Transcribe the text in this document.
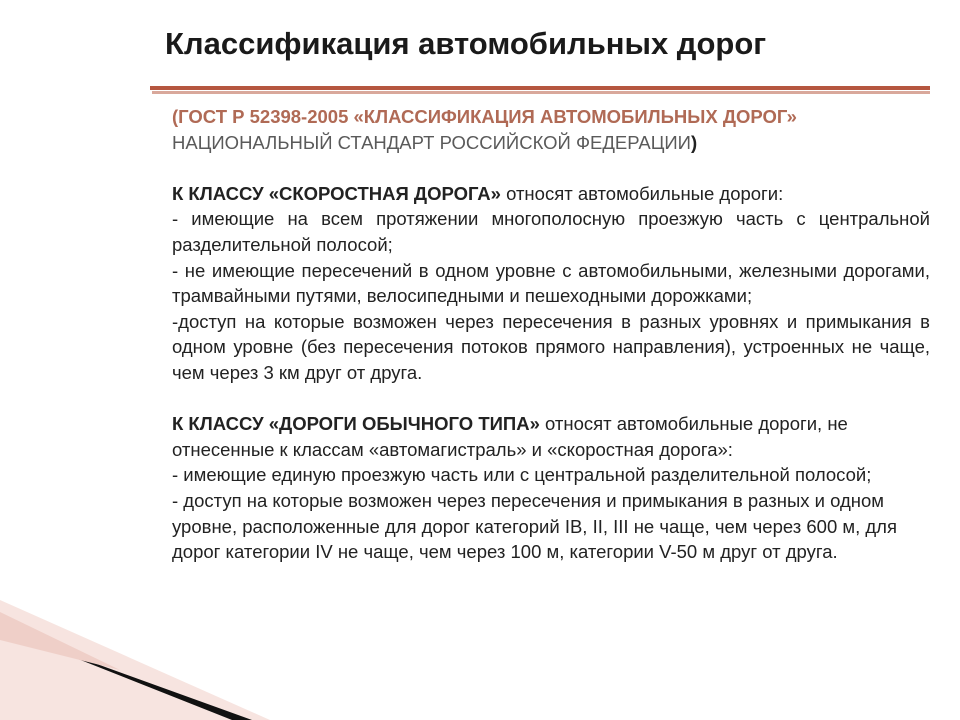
Классификация автомобильных дорог

(ГОСТ Р 52398-2005 «КЛАССИФИКАЦИЯ АВТОМОБИЛЬНЫХ ДОРОГ»

НАЦИОНАЛЬНЫЙ СТАНДАРТ РОССИЙСКОЙ ФЕДЕРАЦИИ)

К КЛАССУ «СКОРОСТНАЯ ДОРОГА» относят автомобильные дороги:

- имеющие на всем протяжении многополосную проезжую часть с центральной разделительной полосой;

- не имеющие пересечений в одном уровне с автомобильными, железными дорогами, трамвайными путями, велосипедными и пешеходными дорожками;

-доступ на которые возможен через пересечения в разных уровнях и примыкания в одном уровне (без пересечения потоков прямого направления), устроенных не чаще, чем через 3 км друг от друга.

К КЛАССУ «ДОРОГИ ОБЫЧНОГО ТИПА» относят автомобильные дороги, не отнесенные к классам «автомагистраль» и «скоростная дорога»:

- имеющие единую проезжую часть или с центральной разделительной полосой;

- доступ на которые возможен через пересечения и примыкания в разных и одном уровне, расположенные для дорог категорий IB, II, III не чаще, чем через 600 м, для дорог категории IV не чаще, чем через 100 м, категории V-50 м друг от друга.
